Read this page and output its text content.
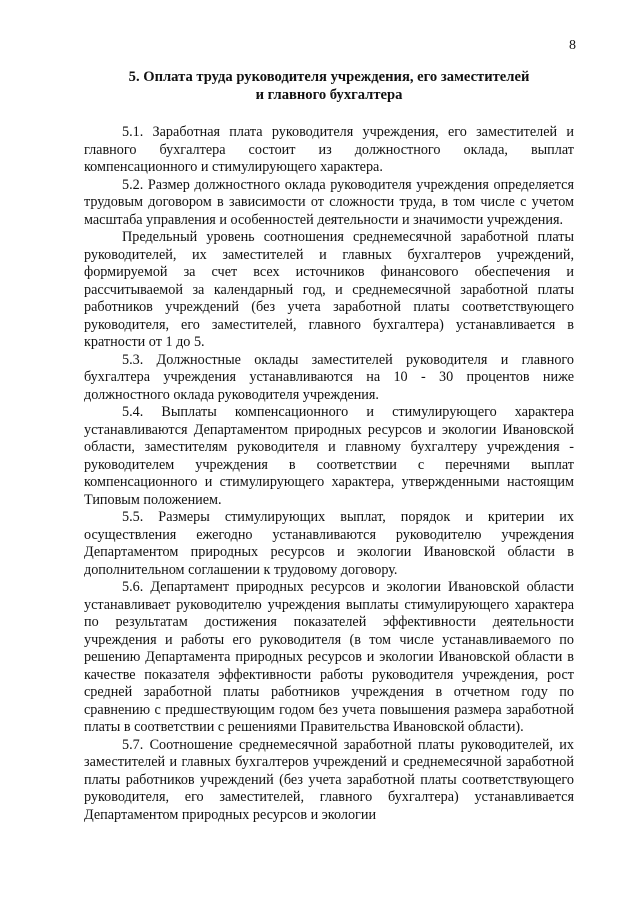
8
5. Оплата труда руководителя учреждения, его заместителей
и главного бухгалтера

5.1. Заработная плата руководителя учреждения, его заместителей и главного бухгалтера состоит из должностного оклада, выплат компенсационного и стимулирующего характера.

5.2. Размер должностного оклада руководителя учреждения определяется трудовым договором в зависимости от сложности труда, в том числе с учетом масштаба управления и особенностей деятельности и значимости учреждения.

Предельный уровень соотношения среднемесячной заработной платы руководителей, их заместителей и главных бухгалтеров учреждений, формируемой за счет всех источников финансового обеспечения и рассчитываемой за календарный год, и среднемесячной заработной платы работников учреждений (без учета заработной платы соответствующего руководителя, его заместителей, главного бухгалтера) устанавливается в кратности от 1 до 5.

5.3. Должностные оклады заместителей руководителя и главного бухгалтера учреждения устанавливаются на 10 - 30 процентов ниже должностного оклада руководителя учреждения.

5.4. Выплаты компенсационного и стимулирующего характера устанавливаются Департаментом природных ресурсов и экологии Ивановской области, заместителям руководителя и главному бухгалтеру учреждения - руководителем учреждения в соответствии с перечнями выплат компенсационного и стимулирующего характера, утвержденными настоящим Типовым положением.

5.5. Размеры стимулирующих выплат, порядок и критерии их осуществления ежегодно устанавливаются руководителю учреждения Департаментом природных ресурсов и экологии Ивановской области в дополнительном соглашении к трудовому договору.

5.6. Департамент природных ресурсов и экологии Ивановской области устанавливает руководителю учреждения выплаты стимулирующего характера по результатам достижения показателей эффективности деятельности учреждения и работы его руководителя (в том числе устанавливаемого по решению Департамента природных ресурсов и экологии Ивановской области в качестве показателя эффективности работы руководителя учреждения, рост средней заработной платы работников учреждения в отчетном году по сравнению с предшествующим годом без учета повышения размера заработной платы в соответствии с решениями Правительства Ивановской области).

5.7. Соотношение среднемесячной заработной платы руководителей, их заместителей и главных бухгалтеров учреждений и среднемесячной заработной платы работников учреждений (без учета заработной платы соответствующего руководителя, его заместителей, главного бухгалтера) устанавливается Департаментом природных ресурсов и экологии
